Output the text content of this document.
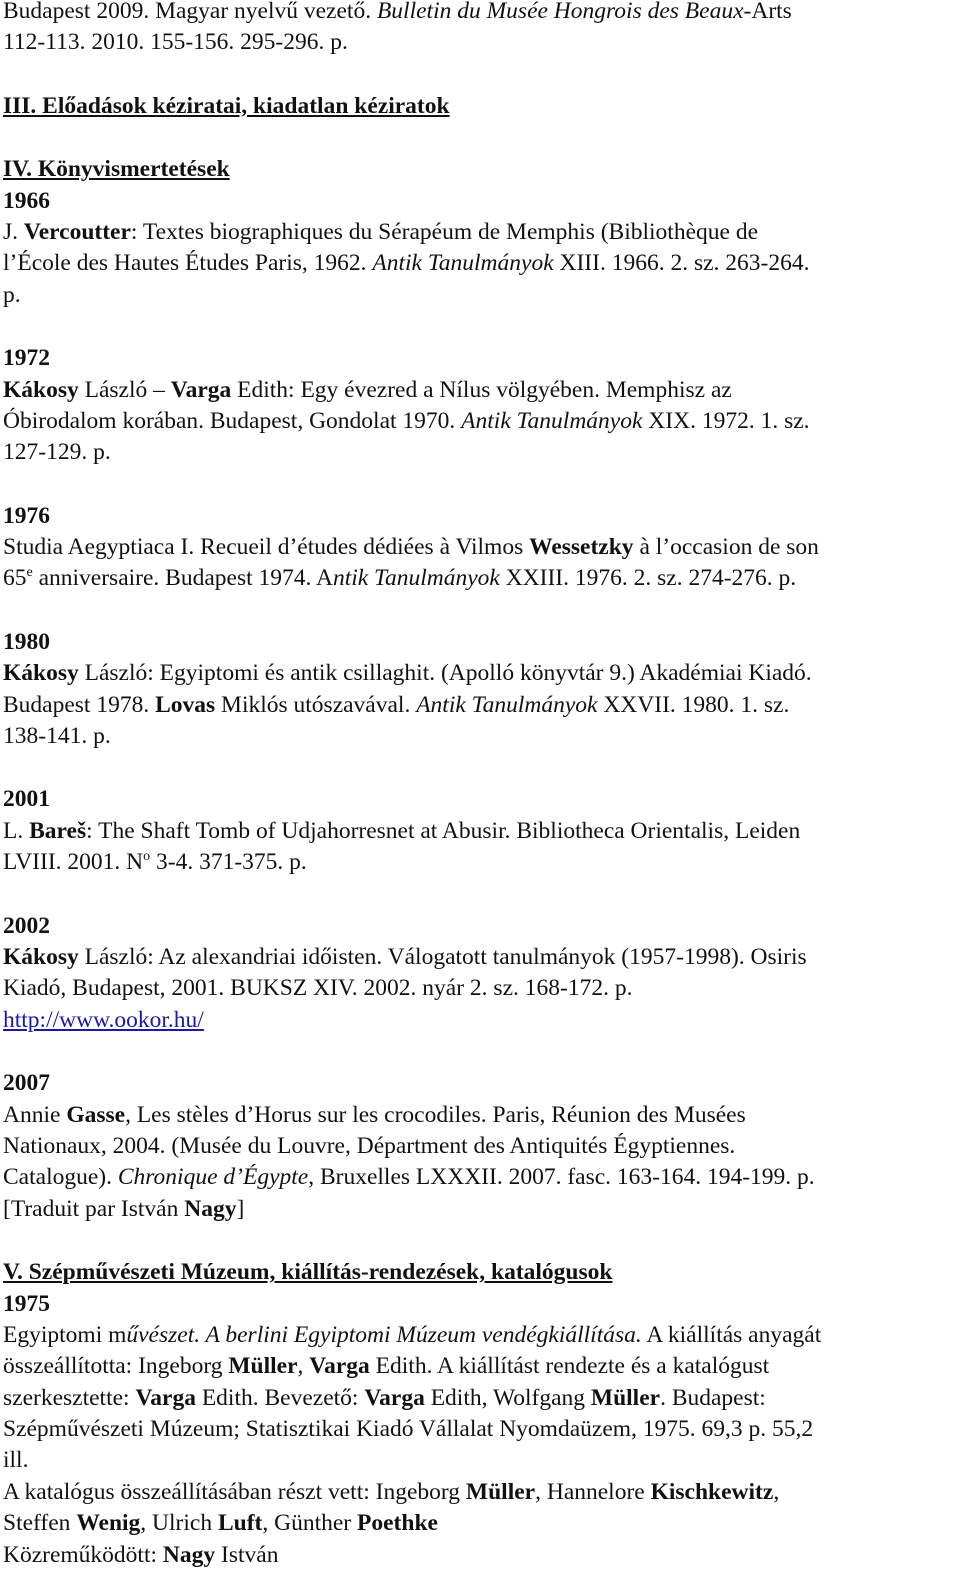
Budapest 2009. Magyar nyelvű vezető. Bulletin du Musée Hongrois des Beaux-Arts

112-113. 2010. 155-156. 295-296. p.

III. Előadások kéziratai, kiadatlan kéziratok

IV. Könyvismertetések

1966

J. Vercoutter: Textes biographiques du Sérapéum de Memphis (Bibliothèque de

l’École des Hautes Études Paris, 1962. Antik Tanulmányok XIII. 1966. 2. sz. 263-264.

p.

1972

Kákosy László – Varga Edith: Egy évezred a Nílus völgyében. Memphisz az

Óbirodalom korában. Budapest, Gondolat 1970. Antik Tanulmányok XIX. 1972. 1. sz.

127-129. p.

1976

Studia Aegyptiaca I. Recueil d’études dédiées à Vilmos Wessetzky à l’occasion de son

65e anniversaire. Budapest 1974. Antik Tanulmányok XXIII. 1976. 2. sz. 274-276. p.

1980

Kákosy László: Egyiptomi és antik csillaghit. (Apolló könyvtár 9.) Akadémiai Kiadó.

Budapest 1978. Lovas Miklós utószavával. Antik Tanulmányok XXVII. 1980. 1. sz.

138-141. p.

2001

L. Bareš: The Shaft Tomb of Udjahorresnet at Abusir. Bibliotheca Orientalis, Leiden

LVIII. 2001. $N^o$ 3-4. 371-375. p.

2002

Kákosy László: Az alexandriai időisten. Válogatott tanulmányok (1957-1998). Osiris

Kiadó, Budapest, 2001. BUKSZ XIV. 2002. nyár 2. sz. 168-172. p.

http://www.ookor.hu/

2007

Annie Gasse, Les stèles d’Horus sur les crocodiles. Paris, Réunion des Musées

Nationaux, 2004. (Musée du Louvre, Départment des Antiquités Égyptiennes.

Catalogue). Chronique d’Égypte, Bruxelles LXXXII. 2007. fasc. 163-164. 194-199. p.

[Traduit par István Nagy]

V. Szépművészeti Múzeum, kiállítás-rendezések, katalógusok

1975

Egyiptomi művészet. A berlini Egyiptomi Múzeum vendégkiállítása. A kiállítás anyagát

összeállította: Ingeborg Müller, Varga Edith. A kiállítást rendezte és a katalógust

szerkesztette: Varga Edith. Bevezető: Varga Edith, Wolfgang Müller. Budapest:

Szépművészeti Múzeum; Statisztikai Kiadó Vállalat Nyomdaüzem, 1975. 69,3 p. 55,2

ill.

A katalógus összeállításában részt vett: Ingeborg Müller, Hannelore Kischkewitz,

Steffen Wenig, Ulrich Luft, Günther Poethke

Közreműködött: Nagy István
